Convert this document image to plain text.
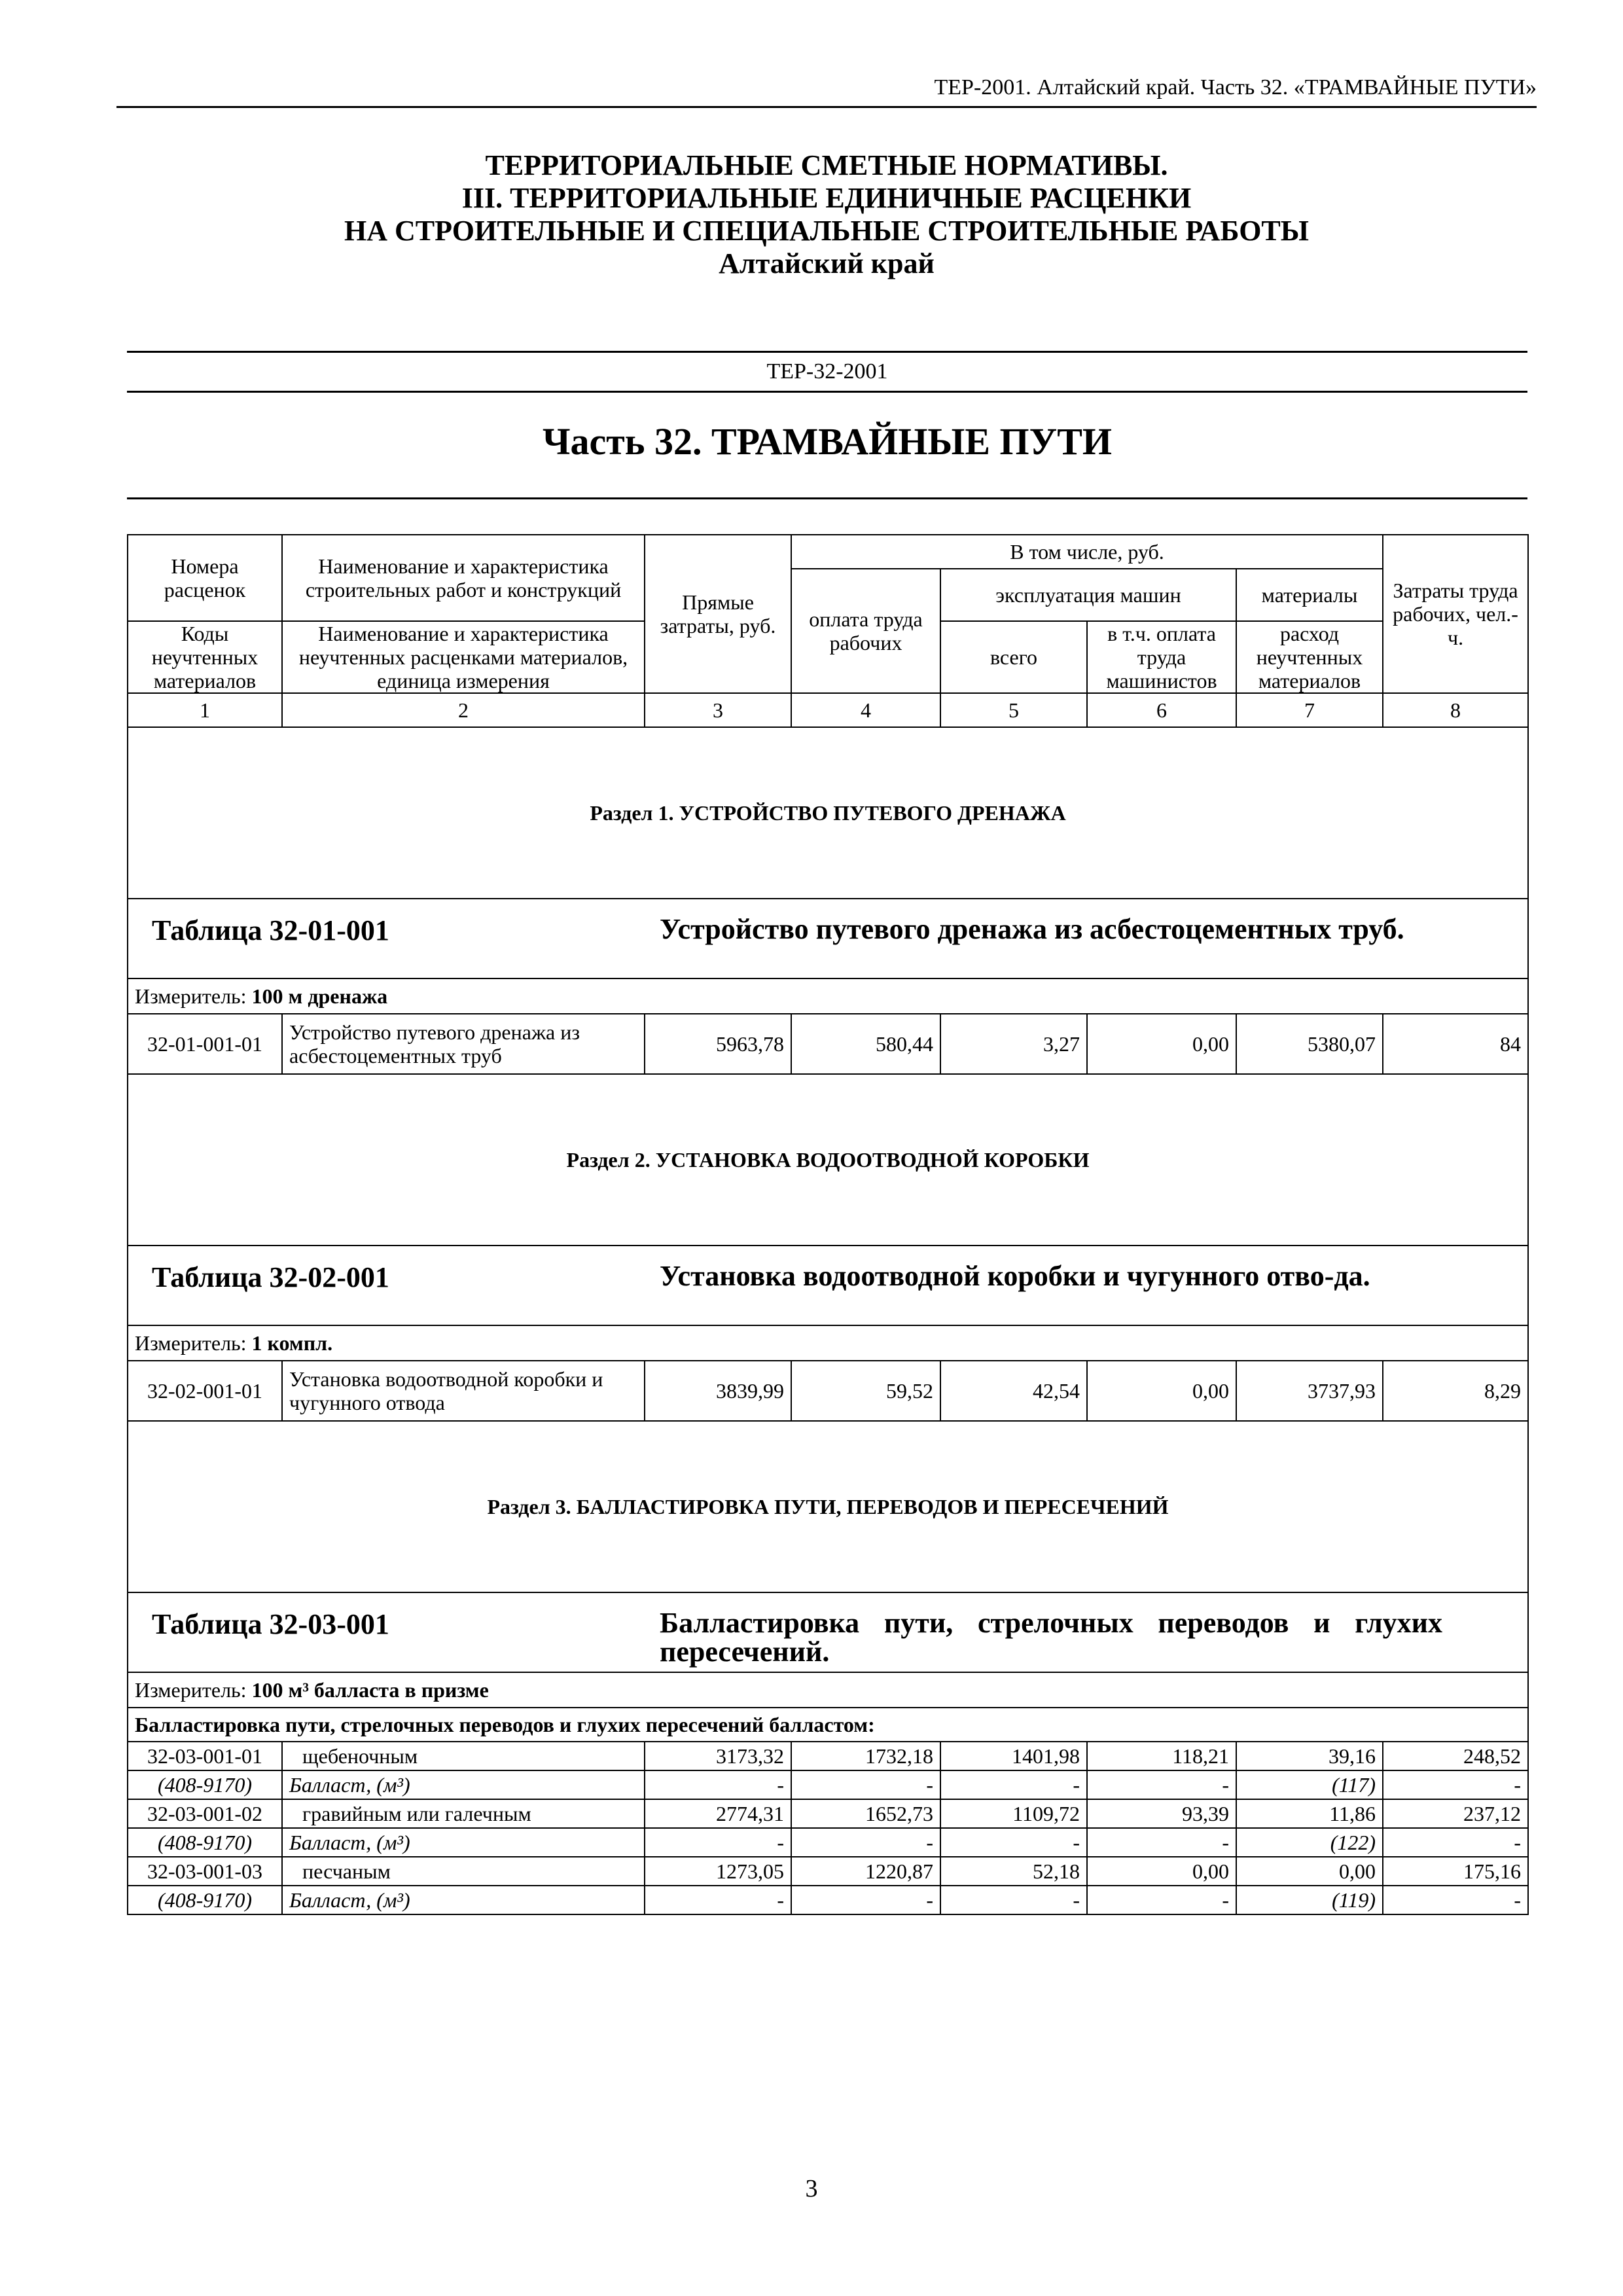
ТЕР-2001. Алтайский край. Часть 32. «ТРАМВАЙНЫЕ ПУТИ»
ТЕРРИТОРИАЛЬНЫЕ СМЕТНЫЕ НОРМАТИВЫ.
III. ТЕРРИТОРИАЛЬНЫЕ ЕДИНИЧНЫЕ РАСЦЕНКИ
НА СТРОИТЕЛЬНЫЕ И СПЕЦИАЛЬНЫЕ СТРОИТЕЛЬНЫЕ РАБОТЫ
Алтайский край
ТЕР-32-2001
Часть 32. ТРАМВАЙНЫЕ ПУТИ
Номера расценок	Наименование и характеристика строительных работ и конструкций	Прямые затраты, руб.	В том числе, руб.				Затраты труда рабочих, чел.-ч.
			оплата труда рабочих	эксплуатация машин		материалы	
Коды неучтенных материалов	Наименование и характеристика неучтенных расценками материалов, единица измерения			всего	в т.ч. оплата труда машинистов	расход неучтенных материалов	
1	2	3	4	5	6	7	8

Раздел 1. УСТРОЙСТВО ПУТЕВОГО ДРЕНАЖА							

Таблица 32-01-001 Устройство путевого дренажа из асбестоцементных труб.							

Измеритель: 100 м дренажа							
32-01-001-01	Устройство путевого дренажа из асбестоцементных труб	5963,78	580,44	3,27	0,00	5380,07	84

Раздел 2. УСТАНОВКА ВОДООТВОДНОЙ КОРОБКИ							

Таблица 32-02-001 Установка водоотводной коробки и чугунного отво-да.							

Измеритель: 1 компл.							
32-02-001-01	Установка водоотводной коробки и чугунного отвода	3839,99	59,52	42,54	0,00	3737,93	8,29

Раздел 3. БАЛЛАСТИРОВКА ПУТИ, ПЕРЕВОДОВ И ПЕРЕСЕЧЕНИЙ							

Таблица 32-03-001 Балластировка пути, стрелочных переводов и глухих пересечений.							

Измеритель: 100 м³ балласта в призме							
Балластировка пути, стрелочных переводов и глухих пересечений балластом:							
32-03-001-01	щебеночным	3173,32	1732,18	1401,98	118,21	39,16	248,52
(408-9170)	Балласт, (м³)	-	-	-	-	(117)	-
32-03-001-02	гравийным или галечным	2774,31	1652,73	1109,72	93,39	11,86	237,12
(408-9170)	Балласт, (м³)	-	-	-	-	(122)	-
32-03-001-03	песчаным	1273,05	1220,87	52,18	0,00	0,00	175,16
(408-9170)	Балласт, (м³)	-	-	-	-	(119)	-
3
